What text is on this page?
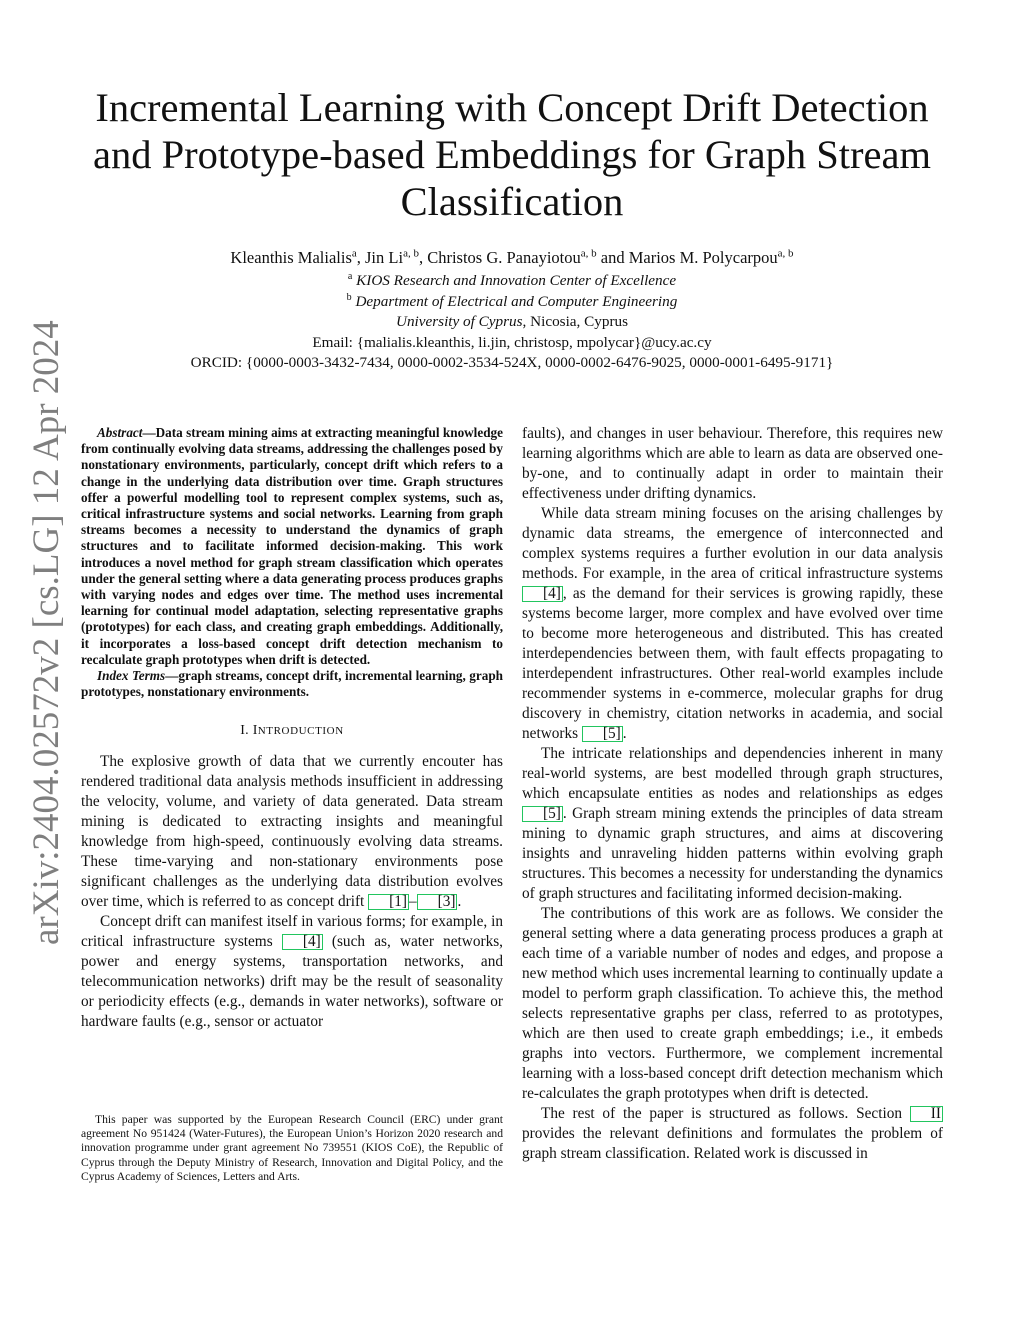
arXiv:2404.02572v2 [cs.LG] 12 Apr 2024
Incremental Learning with Concept Drift Detection and Prototype-based Embeddings for Graph Stream Classification
Kleanthis Malialis$^a$, Jin Li$^{a, b}$, Christos G. Panayiotou$^{a, b}$ and Marios M. Polycarpou$^{a, b}$
$^a$ KIOS Research and Innovation Center of Excellence
$^b$ Department of Electrical and Computer Engineering
University of Cyprus, Nicosia, Cyprus
Email: {malialis.kleanthis, li.jin, christosp, mpolycar}@ucy.ac.cy
ORCID: {0000-0003-3432-7434, 0000-0002-3534-524X, 0000-0002-6476-9025, 0000-0001-6495-9171}

Abstract—Data stream mining aims at extracting meaningful knowledge from continually evolving data streams, addressing the challenges posed by nonstationary environments, particularly, concept drift which refers to a change in the underlying data distribution over time. Graph structures offer a powerful modelling tool to represent complex systems, such as, critical infrastructure systems and social networks. Learning from graph streams becomes a necessity to understand the dynamics of graph structures and to facilitate informed decision-making. This work introduces a novel method for graph stream classification which operates under the general setting where a data generating process produces graphs with varying nodes and edges over time. The method uses incremental learning for continual model adaptation, selecting representative graphs (prototypes) for each class, and creating graph embeddings. Additionally, it incorporates a loss-based concept drift detection mechanism to recalculate graph prototypes when drift is detected.

Index Terms—graph streams, concept drift, incremental learning, graph prototypes, nonstationary environments.

I. INTRODUCTION

The explosive growth of data that we currently encouter has rendered traditional data analysis methods insufficient in addressing the velocity, volume, and variety of data generated. Data stream mining is dedicated to extracting insights and meaningful knowledge from high-speed, continuously evolving data streams. These time-varying and non-stationary environments pose significant challenges as the underlying data distribution evolves over time, which is referred to as concept drift [1] – [3] .

Concept drift can manifest itself in various forms; for example, in critical infrastructure systems [4] (such as, water networks, power and energy systems, transportation networks, and telecommunication networks) drift may be the result of seasonality or periodicity effects (e.g., demands in water networks), software or hardware faults (e.g., sensor or actuator

This paper was supported by the European Research Council (ERC) under grant agreement No 951424 (Water-Futures), the European Union’s Horizon 2020 research and innovation programme under grant agreement No 739551 (KIOS CoE), the Republic of Cyprus through the Deputy Ministry of Research, Innovation and Digital Policy, and the Cyprus Academy of Sciences, Letters and Arts.

faults), and changes in user behaviour. Therefore, this requires new learning algorithms which are able to learn as data are observed one-by-one, and to continually adapt in order to maintain their effectiveness under drifting dynamics.

While data stream mining focuses on the arising challenges by dynamic data streams, the emergence of interconnected and complex systems requires a further evolution in our data analysis methods. For example, in the area of critical infrastructure systems [4] , as the demand for their services is growing rapidly, these systems become larger, more complex and have evolved over time to become more heterogeneous and distributed. This has created interdependencies between them, with fault effects propagating to interdependent infrastructures. Other real-world examples include recommender systems in e-commerce, molecular graphs for drug discovery in chemistry, citation networks in academia, and social networks [5] .

The intricate relationships and dependencies inherent in many real-world systems, are best modelled through graph structures, which encapsulate entities as nodes and relationships as edges [5] . Graph stream mining extends the principles of data stream mining to dynamic graph structures, and aims at discovering insights and unraveling hidden patterns within evolving graph structures. This becomes a necessity for understanding the dynamics of graph structures and facilitating informed decision-making.

The contributions of this work are as follows. We consider the general setting where a data generating process produces a graph at each time of a variable number of nodes and edges, and propose a new method which uses incremental learning to continually update a model to perform graph classification. To achieve this, the method selects representative graphs per class, referred to as prototypes, which are then used to create graph embeddings; i.e., it embeds graphs into vectors. Furthermore, we complement incremental learning with a loss-based concept drift detection mechanism which re-calculates the graph prototypes when drift is detected.

The rest of the paper is structured as follows. Section II provides the relevant definitions and formulates the problem of graph stream classification. Related work is discussed in
